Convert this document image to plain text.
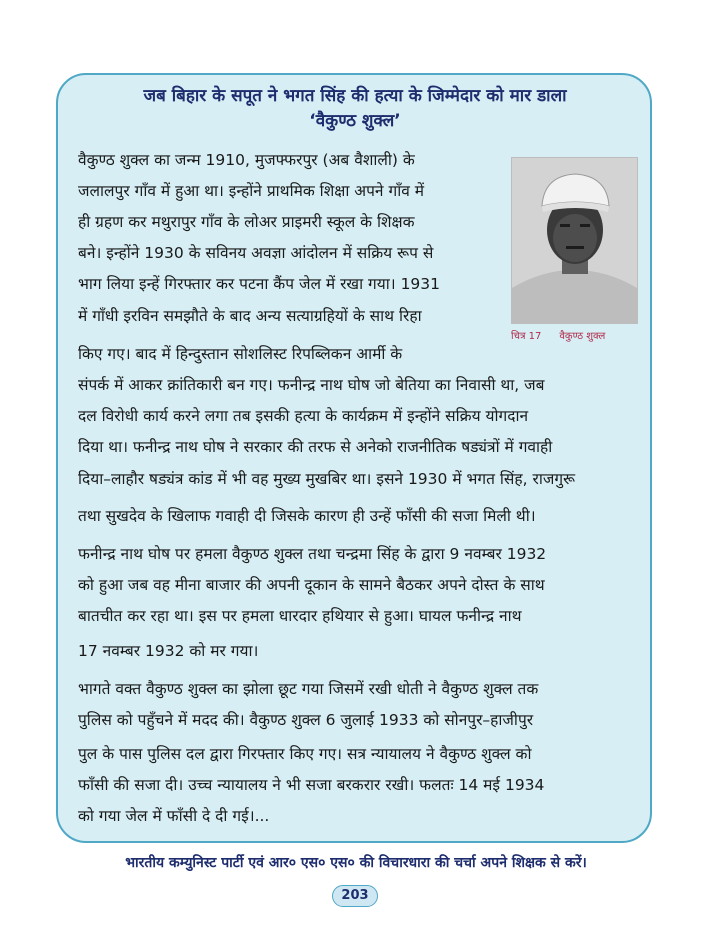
जब बिहार के सपूत ने भगत सिंह की हत्या के जिम्मेदार को मार डाला
‘वैकुण्ठ शुक्ल’
वैकुण्ठ शुक्ल का जन्म 1910, मुजफ्फरपुर (अब वैशाली) के
जलालपुर गाँव में हुआ था। इन्होंने प्राथमिक शिक्षा अपने गाँव में
ही ग्रहण कर मथुरापुर गाँव के लोअर प्राइमरी स्कूल के शिक्षक
बने। इन्होंने 1930 के सविनय अवज्ञा आंदोलन में सक्रिय रूप से
भाग लिया इन्हें गिरफ्तार कर पटना कैंप जेल में रखा गया। 1931
में गाँधी इरविन समझौते के बाद अन्य सत्याग्रहियों के साथ रिहा
किए गए। बाद में हिन्दुस्तान सोशलिस्ट रिपब्लिकन आर्मी के
संपर्क में आकर क्रांतिकारी बन गए। फनीन्द्र नाथ घोष जो बेतिया का निवासी था, जब
दल विरोधी कार्य करने लगा तब इसकी हत्या के कार्यक्रम में इन्होंने सक्रिय योगदान
दिया था। फनीन्द्र नाथ घोष ने सरकार की तरफ से अनेको राजनीतिक षड्यंत्रों में गवाही
दिया–लाहौर षड्यंत्र कांड में भी वह मुख्य मुखबिर था। इसने 1930 में भगत सिंह, राजगुरू
तथा सुखदेव के खिलाफ गवाही दी जिसके कारण ही उन्हें फाँसी की सजा मिली थी।
फनीन्द्र नाथ घोष पर हमला वैकुण्ठ शुक्ल तथा चन्द्रमा सिंह के द्वारा 9 नवम्बर 1932
को हुआ जब वह मीना बाजार की अपनी दूकान के सामने बैठकर अपने दोस्त के साथ
बातचीत कर रहा था। इस पर हमला धारदार हथियार से हुआ। घायल फनीन्द्र नाथ
17 नवम्बर 1932 को मर गया।
भागते वक्त वैकुण्ठ शुक्ल का झोला छूट गया जिसमें रखी धोती ने वैकुण्ठ शुक्ल तक
पुलिस को पहुँचने में मदद की। वैकुण्ठ शुक्ल 6 जुलाई 1933 को सोनपुर–हाजीपुर
पुल के पास पुलिस दल द्वारा गिरफ्तार किए गए। सत्र न्यायालय ने वैकुण्ठ शुक्ल को
फाँसी की सजा दी। उच्च न्यायालय ने भी सजा बरकरार रखी। फलतः 14 मई 1934
को गया जेल में फाँसी दे दी गई।...
चित्र 17 वैकुण्ठ शुक्ल
भारतीय कम्युनिस्ट पार्टी एवं आर० एस० एस० की विचारधारा की चर्चा अपने शिक्षक से करें।
203
